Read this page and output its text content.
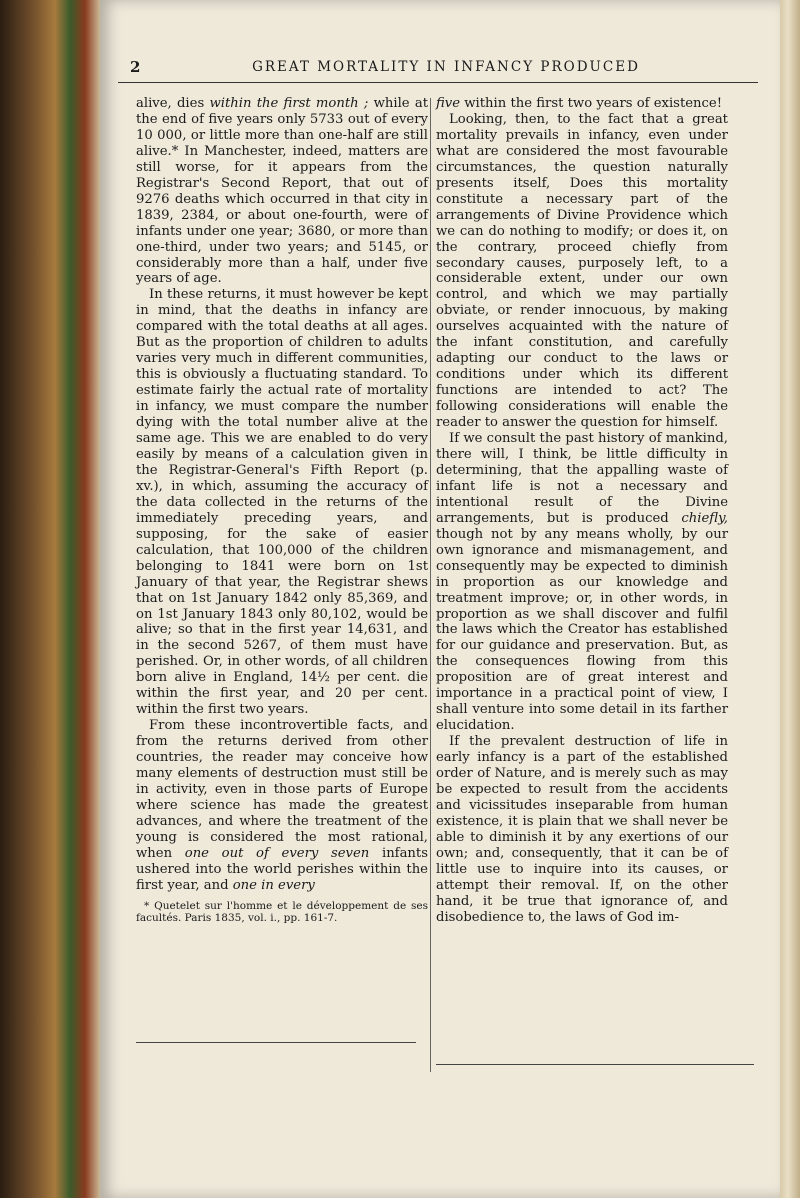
2	GREAT MORTALITY IN INFANCY PRODUCED

alive, dies within the first month ; while at the end of five years only 5733 out of every 10 000, or little more than one-half are still alive.* In Manchester, indeed, matters are still worse, for it appears from the Registrar's Second Report, that out of 9276 deaths which occurred in that city in 1839, 2384, or about one-fourth, were of infants under one year; 3680, or more than one-third, under two years; and 5145, or considerably more than a half, under five years of age.

In these returns, it must however be kept in mind, that the deaths in infancy are compared with the total deaths at all ages. But as the proportion of children to adults varies very much in different communities, this is obviously a fluctuating standard. To estimate fairly the actual rate of mortality in infancy, we must compare the number dying with the total number alive at the same age. This we are enabled to do very easily by means of a calculation given in the Registrar-General's Fifth Report (p. xv.), in which, assuming the accuracy of the data collected in the returns of the immediately preceding years, and supposing, for the sake of easier calculation, that 100,000 of the children belonging to 1841 were born on 1st January of that year, the Registrar shews that on 1st January 1842 only 85,369, and on 1st January 1843 only 80,102, would be alive; so that in the first year 14,631, and in the second 5267, of them must have perished. Or, in other words, of all children born alive in England, 14½ per cent. die within the first year, and 20 per cent. within the first two years.

From these incontrovertible facts, and from the returns derived from other countries, the reader may conceive how many elements of destruction must still be in activity, even in those parts of Europe where science has made the greatest advances, and where the treatment of the young is considered the most rational, when one out of every seven infants ushered into the world perishes within the first year, and one in every

* Quetelet sur l'homme et le développement de ses facultés. Paris 1835, vol. i., pp. 161-7.

five within the first two years of existence!

Looking, then, to the fact that a great mortality prevails in infancy, even under what are considered the most favourable circumstances, the question naturally presents itself, Does this mortality constitute a necessary part of the arrangements of Divine Providence which we can do nothing to modify; or does it, on the contrary, proceed chiefly from secondary causes, purposely left, to a considerable extent, under our own control, and which we may partially obviate, or render innocuous, by making ourselves acquainted with the nature of the infant constitution, and carefully adapting our conduct to the laws or conditions under which its different functions are intended to act? The following considerations will enable the reader to answer the question for himself.

If we consult the past history of mankind, there will, I think, be little difficulty in determining, that the appalling waste of infant life is not a necessary and intentional result of the Divine arrangements, but is produced chiefly, though not by any means wholly, by our own ignorance and mismanagement, and consequently may be expected to diminish in proportion as our knowledge and treatment improve; or, in other words, in proportion as we shall discover and fulfil the laws which the Creator has established for our guidance and preservation. But, as the consequences flowing from this proposition are of great interest and importance in a practical point of view, I shall venture into some detail in its farther elucidation.

If the prevalent destruction of life in early infancy is a part of the established order of Nature, and is merely such as may be expected to result from the accidents and vicissitudes inseparable from human existence, it is plain that we shall never be able to diminish it by any exertions of our own; and, consequently, that it can be of little use to inquire into its causes, or attempt their removal. If, on the other hand, it be true that ignorance of, and disobedience to, the laws of God im-
